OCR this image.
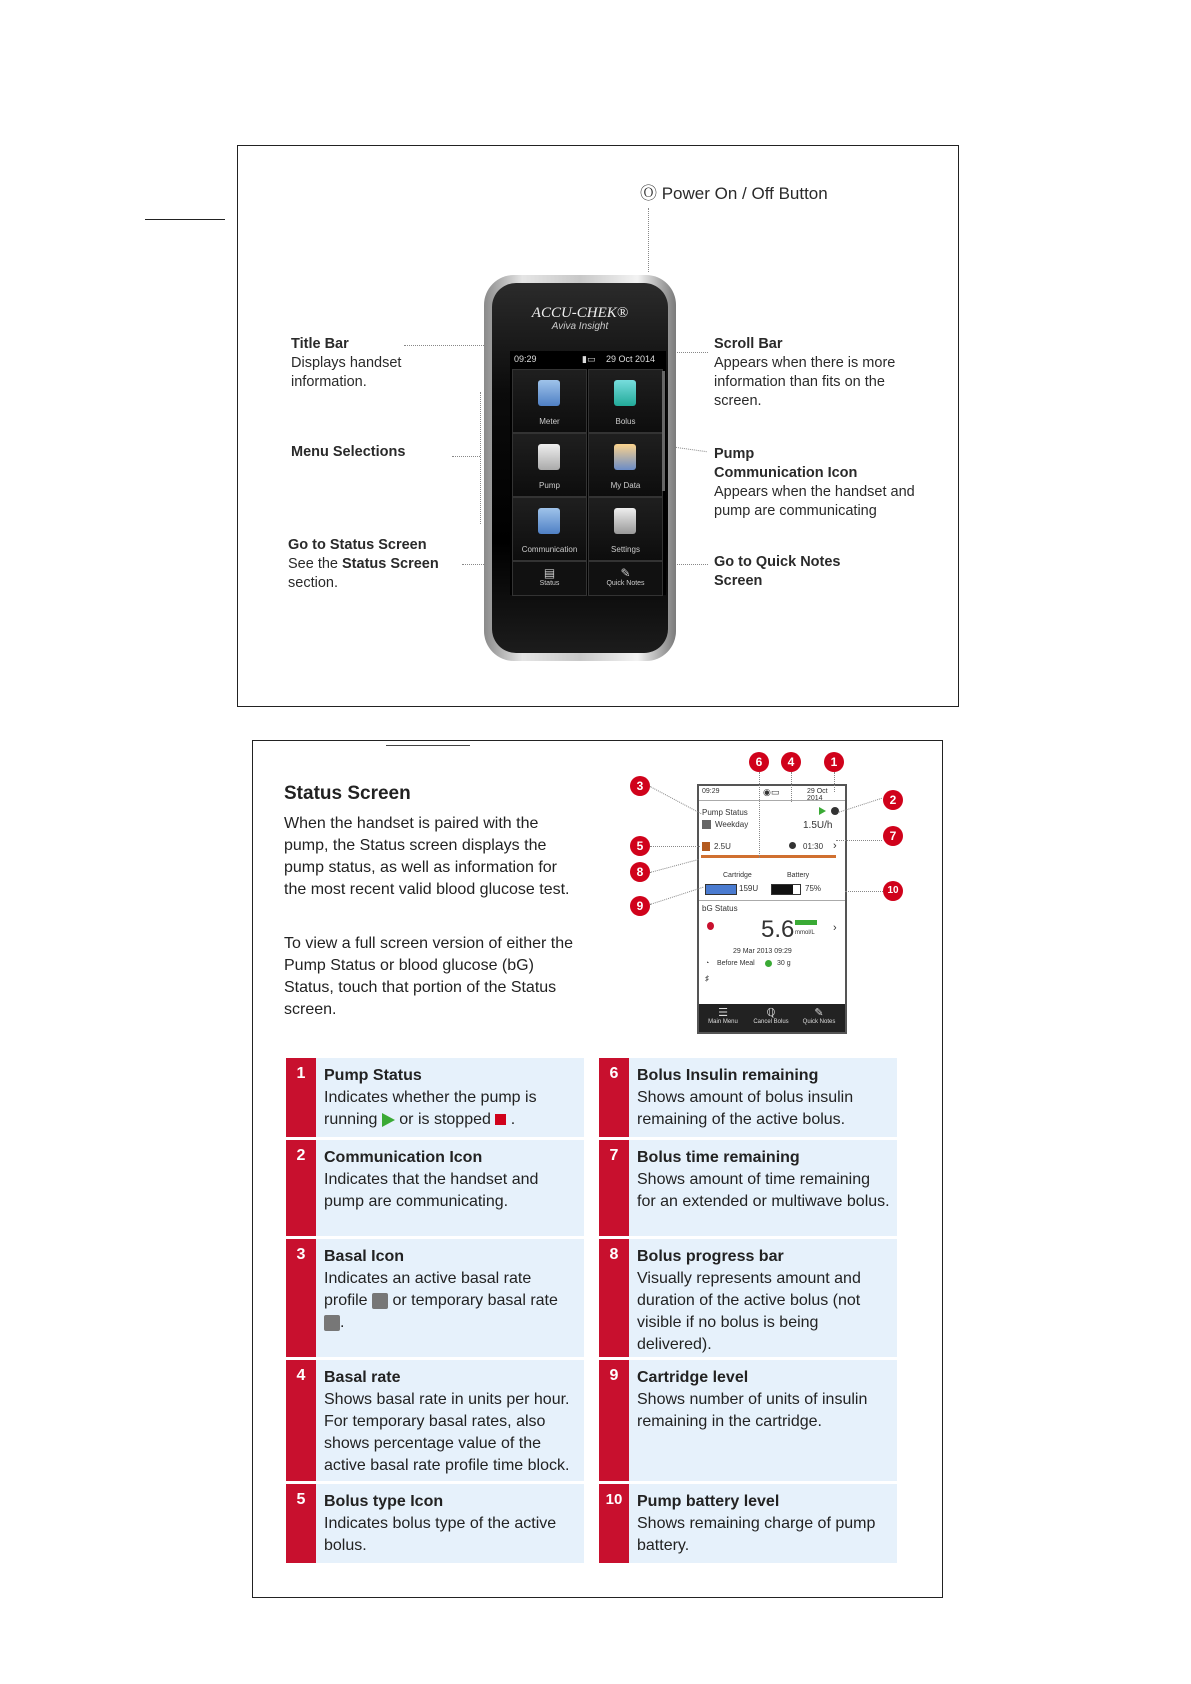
Ⓞ Power On / Off Button
Title Bar
Displays handset information.
Menu Selections
Go to Status Screen
See the Status Screen
section.
Scroll Bar
Appears when there is more information than fits on the screen.
Pump
Communication Icon
Appears when the handset and pump are communicating
Go to Quick Notes
Screen
ACCU-CHEK®
Aviva Insight
09:29	▮▭ 29 Oct 2014
Meter	Bolus
Pump	My Data
Communication	Settings
▤
Status
✎
Quick Notes
Status Screen
When the handset is paired with the pump, the Status screen displays the pump status, as well as information for the most recent valid blood glucose test.
To view a full screen version of either the Pump Status or blood glucose (bG) Status, touch that portion of the Status screen.
09:29	◉▭	29 Oct 2014
Pump Status
Weekday	1.5U/h
2.5U	01:30 ›
Cartridge	Battery
159U	75%
bG Status
5.6 mmol/L ›
29 Mar 2013 09:29
◔ Before Meal	30 g
♯
☰
Main Menu
ℚ
Cancel Bolus
✎
Quick Notes
6	4	1
3
2
5
7
8
9
10
1	Pump Status
Indicates whether the pump is running or is stopped .
2	Communication Icon
Indicates that the handset and pump are communicating.
3	Basal Icon
Indicates an active basal rate profile or temporary basal rate .
4	Basal rate
Shows basal rate in units per hour. For temporary basal rates, also shows percentage value of the active basal rate profile time block.
5	Bolus type Icon
Indicates bolus type of the active bolus.
6	Bolus Insulin remaining
Shows amount of bolus insulin remaining of the active bolus.
7	Bolus time remaining
Shows amount of time remaining for an extended or multiwave bolus.
8	Bolus progress bar
Visually represents amount and duration of the active bolus (not visible if no bolus is being delivered).
9	Cartridge level
Shows number of units of insulin remaining in the cartridge.
10 Pump battery level
Shows remaining charge of pump battery.
